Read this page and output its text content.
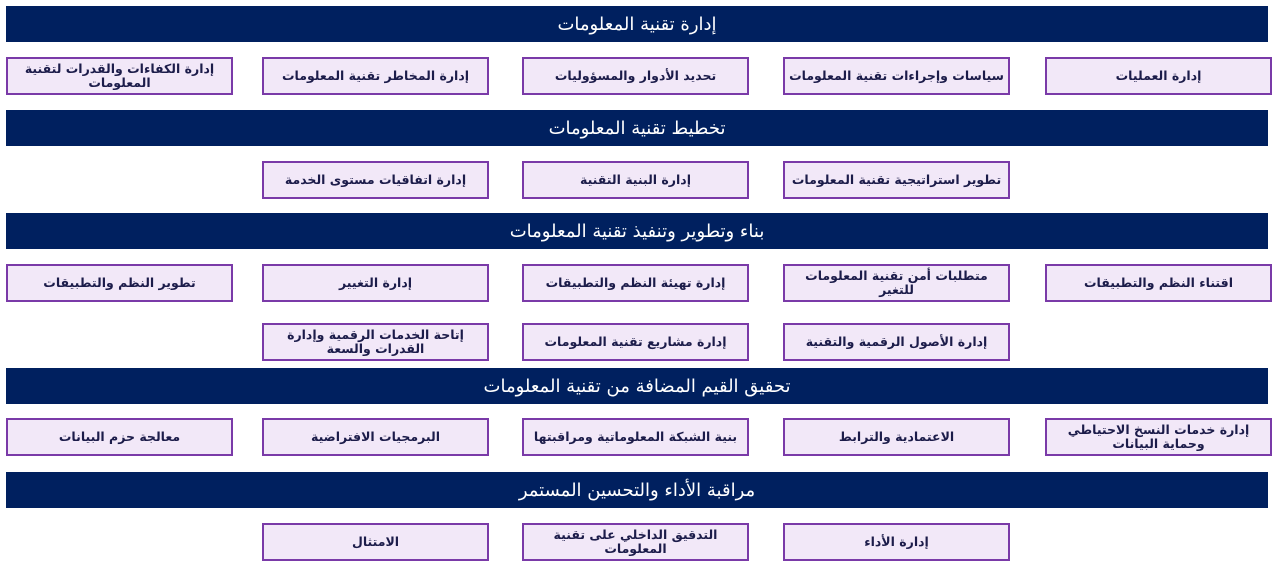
إدارة تقنية المعلومات
إدارة العمليات
سياسات وإجراءات تقنية المعلومات
تحديد الأدوار والمسؤوليات
إدارة المخاطر تقنية المعلومات
إدارة الكفاءات والقدرات لتقنية المعلومات
تخطيط تقنية المعلومات
تطوير استراتيجية تقنية المعلومات
إدارة البنية التقنية
إدارة اتفاقيات مستوى الخدمة
بناء وتطوير وتنفيذ تقنية المعلومات
اقتناء النظم والتطبيقات
متطلبات أمن تقنية المعلومات للتغير
إدارة تهيئة النظم والتطبيقات
إدارة التغيير
تطوير النظم والتطبيقات
إدارة الأصول الرقمية والتقنية
إدارة مشاريع تقنية المعلومات
إتاحة الخدمات الرقمية وإدارة القدرات والسعة
تحقيق القيم المضافة من تقنية المعلومات
إدارة خدمات النسخ الاحتياطي وحماية البيانات
الاعتمادية والترابط
بنية الشبكة المعلوماتية ومراقبتها
البرمجيات الافتراضية
معالجة حزم البيانات
مراقبة الأداء والتحسين المستمر
إدارة الأداء
التدقيق الداخلي على تقنية المعلومات
الامتثال
